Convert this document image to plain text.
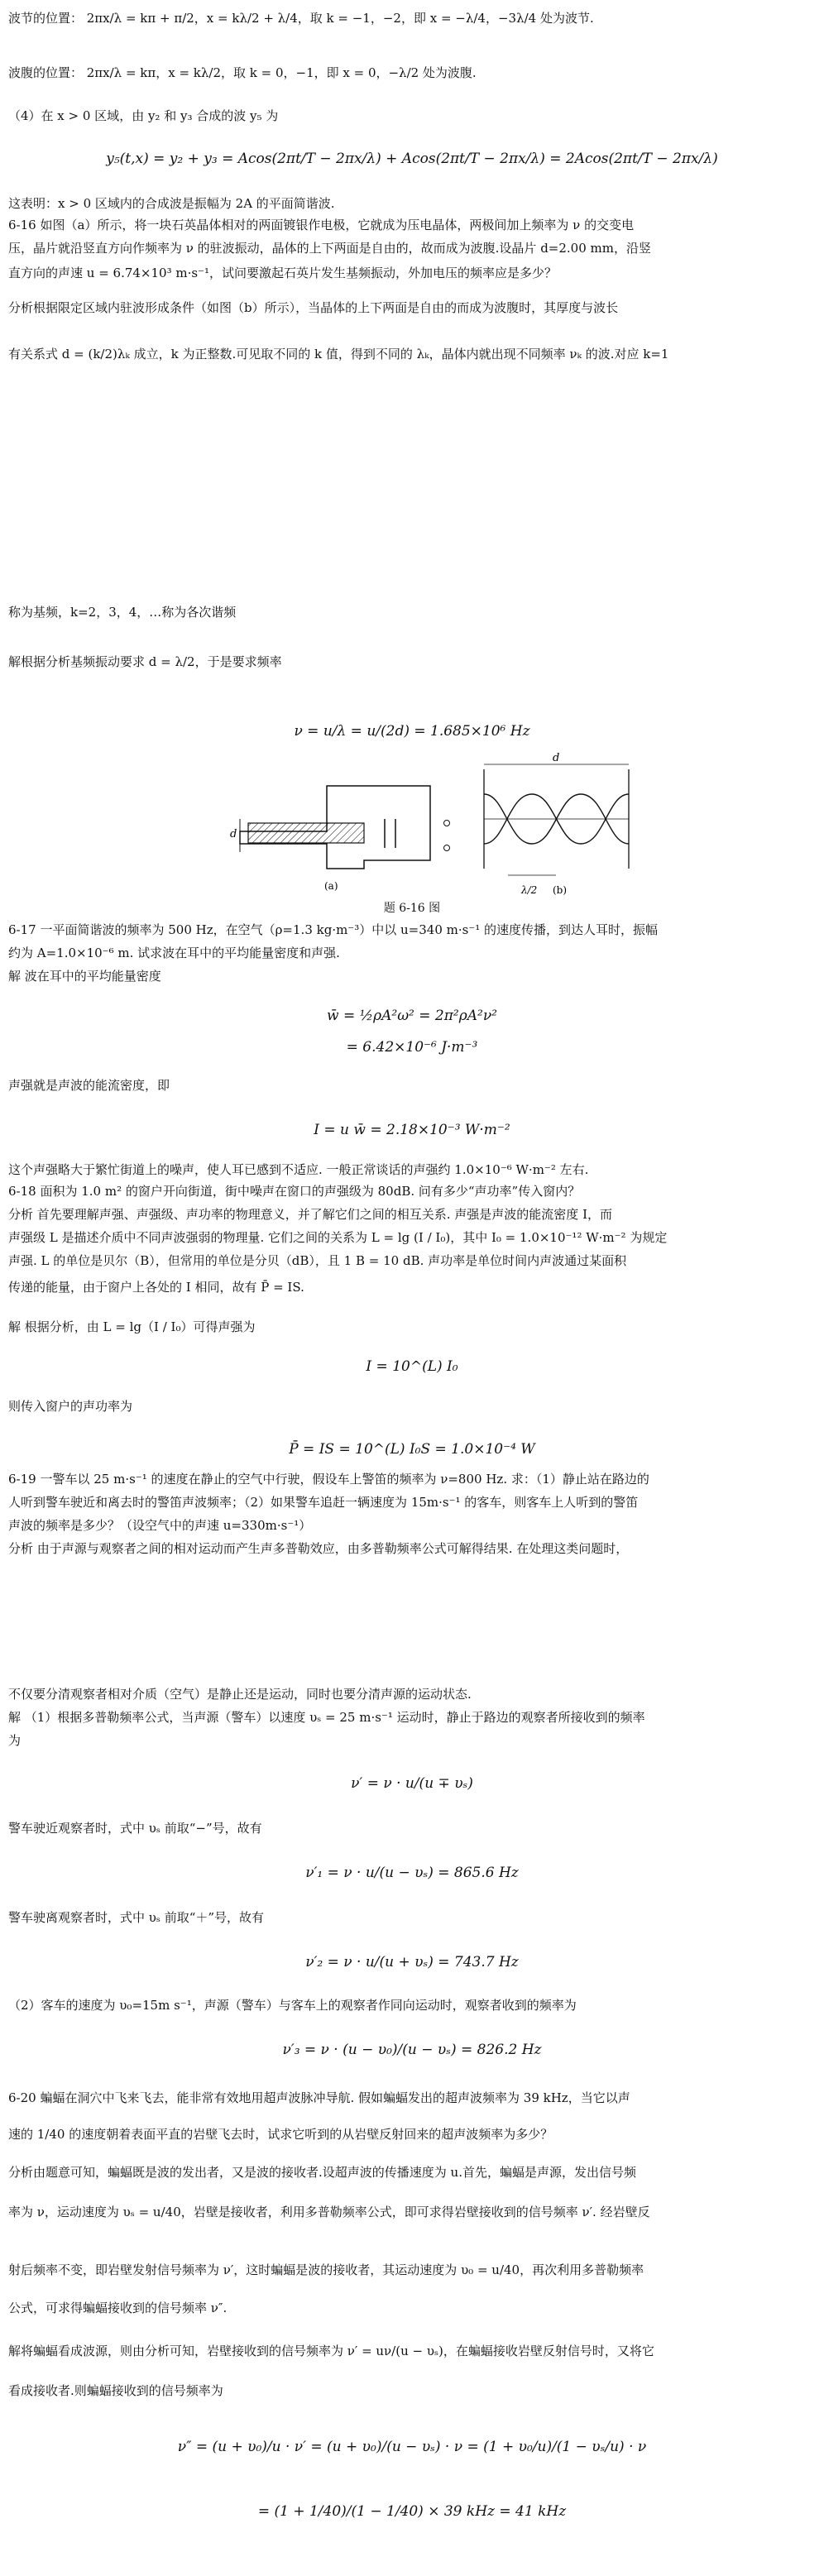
波节的位置： 2πx/λ = kπ + π/2，x = kλ/2 + λ/4，取 k = −1，−2，即 x = −λ/4，−3λ/4 处为波节.
波腹的位置： 2πx/λ = kπ，x = kλ/2，取 k = 0，−1，即 x = 0，−λ/2 处为波腹.
（4）在 x > 0 区域，由 y₂ 和 y₃ 合成的波 y₅ 为
y₅(t,x) = y₂ + y₃ = Acos(2πt/T − 2πx/λ) + Acos(2πt/T − 2πx/λ) = 2Acos(2πt/T − 2πx/λ)
这表明：x > 0 区域内的合成波是振幅为 2A 的平面简谐波.
6-16 如图（a）所示，将一块石英晶体相对的两面镀银作电极，它就成为压电晶体，两极间加上频率为 ν 的交变电
压，晶片就沿竖直方向作频率为 ν 的驻波振动，晶体的上下两面是自由的，故而成为波腹.设晶片 d=2.00 mm，沿竖
直方向的声速 u = 6.74×10³ m·s⁻¹，试问要激起石英片发生基频振动，外加电压的频率应是多少？
分析根据限定区域内驻波形成条件（如图（b）所示），当晶体的上下两面是自由的而成为波腹时，其厚度与波长
有关系式 d = (k/2)λₖ 成立，k 为正整数.可见取不同的 k 值，得到不同的 λₖ，晶体内就出现不同频率 νₖ 的波.对应 k=1
称为基频，k=2，3，4，…称为各次谐频
解根据分析基频振动要求 d = λ/2，于是要求频率
ν = u/λ = u/(2d) = 1.685×10⁶ Hz
题 6-16 图
6-17 一平面简谐波的频率为 500 Hz，在空气（ρ=1.3 kg·m⁻³）中以 u=340 m·s⁻¹ 的速度传播，到达人耳时，振幅
约为 A=1.0×10⁻⁶ m. 试求波在耳中的平均能量密度和声强.
解 波在耳中的平均能量密度
w̄ = ½ρA²ω² = 2π²ρA²ν²
= 6.42×10⁻⁶ J·m⁻³
声强就是声波的能流密度，即
I = u w̄ = 2.18×10⁻³ W·m⁻²
这个声强略大于繁忙街道上的噪声，使人耳已感到不适应. 一般正常谈话的声强约 1.0×10⁻⁶ W·m⁻² 左右.
6-18 面积为 1.0 m² 的窗户开向街道，街中噪声在窗口的声强级为 80dB. 问有多少“声功率”传入窗内？
分析 首先要理解声强、声强级、声功率的物理意义，并了解它们之间的相互关系. 声强是声波的能流密度 I，而
声强级 L 是描述介质中不同声波强弱的物理量. 它们之间的关系为 L = lg (I / I₀)，其中 I₀ = 1.0×10⁻¹² W·m⁻² 为规定
声强. L 的单位是贝尔（B），但常用的单位是分贝（dB），且 1 B = 10 dB. 声功率是单位时间内声波通过某面积
传递的能量，由于窗户上各处的 I 相同，故有 P̄ = IS.
解 根据分析，由 L = lg（I / I₀）可得声强为
I = 10^(L) I₀
则传入窗户的声功率为
P̄ = IS = 10^(L) I₀S = 1.0×10⁻⁴ W
6-19 一警车以 25 m·s⁻¹ 的速度在静止的空气中行驶，假设车上警笛的频率为 ν=800 Hz. 求：（1）静止站在路边的
人听到警车驶近和离去时的警笛声波频率；（2）如果警车追赶一辆速度为 15m·s⁻¹ 的客车，则客车上人听到的警笛
声波的频率是多少？（设空气中的声速 u=330m·s⁻¹）
分析 由于声源与观察者之间的相对运动而产生声多普勒效应，由多普勒频率公式可解得结果. 在处理这类问题时，
不仅要分清观察者相对介质（空气）是静止还是运动，同时也要分清声源的运动状态.
解 （1）根据多普勒频率公式，当声源（警车）以速度 υₛ = 25 m·s⁻¹ 运动时，静止于路边的观察者所接收到的频率
为
ν′ = ν · u/(u ∓ υₛ)
警车驶近观察者时，式中 υₛ 前取“−”号，故有
ν′₁ = ν · u/(u − υₛ) = 865.6 Hz
警车驶离观察者时，式中 υₛ 前取“＋”号，故有
ν′₂ = ν · u/(u + υₛ) = 743.7 Hz
（2）客车的速度为 υ₀=15m s⁻¹，声源（警车）与客车上的观察者作同向运动时，观察者收到的频率为
ν′₃ = ν · (u − υ₀)/(u − υₛ) = 826.2 Hz
6-20 蝙蝠在洞穴中飞来飞去，能非常有效地用超声波脉冲导航. 假如蝙蝠发出的超声波频率为 39 kHz，当它以声
速的 1/40 的速度朝着表面平直的岩壁飞去时，试求它听到的从岩壁反射回来的超声波频率为多少？
分析由题意可知，蝙蝠既是波的发出者，又是波的接收者.设超声波的传播速度为 u.首先，蝙蝠是声源，发出信号频
率为 ν，运动速度为 υₛ = u/40，岩壁是接收者，利用多普勒频率公式，即可求得岩壁接收到的信号频率 ν′. 经岩壁反
射后频率不变，即岩壁发射信号频率为 ν′，这时蝙蝠是波的接收者，其运动速度为 υ₀ = u/40，再次利用多普勒频率
公式，可求得蝙蝠接收到的信号频率 ν″.
解将蝙蝠看成波源，则由分析可知，岩壁接收到的信号频率为 ν′ = uν/(u − υₛ)，在蝙蝠接收岩壁反射信号时，又将它
看成接收者.则蝙蝠接收到的信号频率为
ν″ = (u + υ₀)/u · ν′ = (u + υ₀)/(u − υₛ) · ν = (1 + υ₀/u)/(1 − υₛ/u) · ν
= (1 + 1/40)/(1 − 1/40) × 39 kHz = 41 kHz
d
(a)
d
λ/2 (b)
